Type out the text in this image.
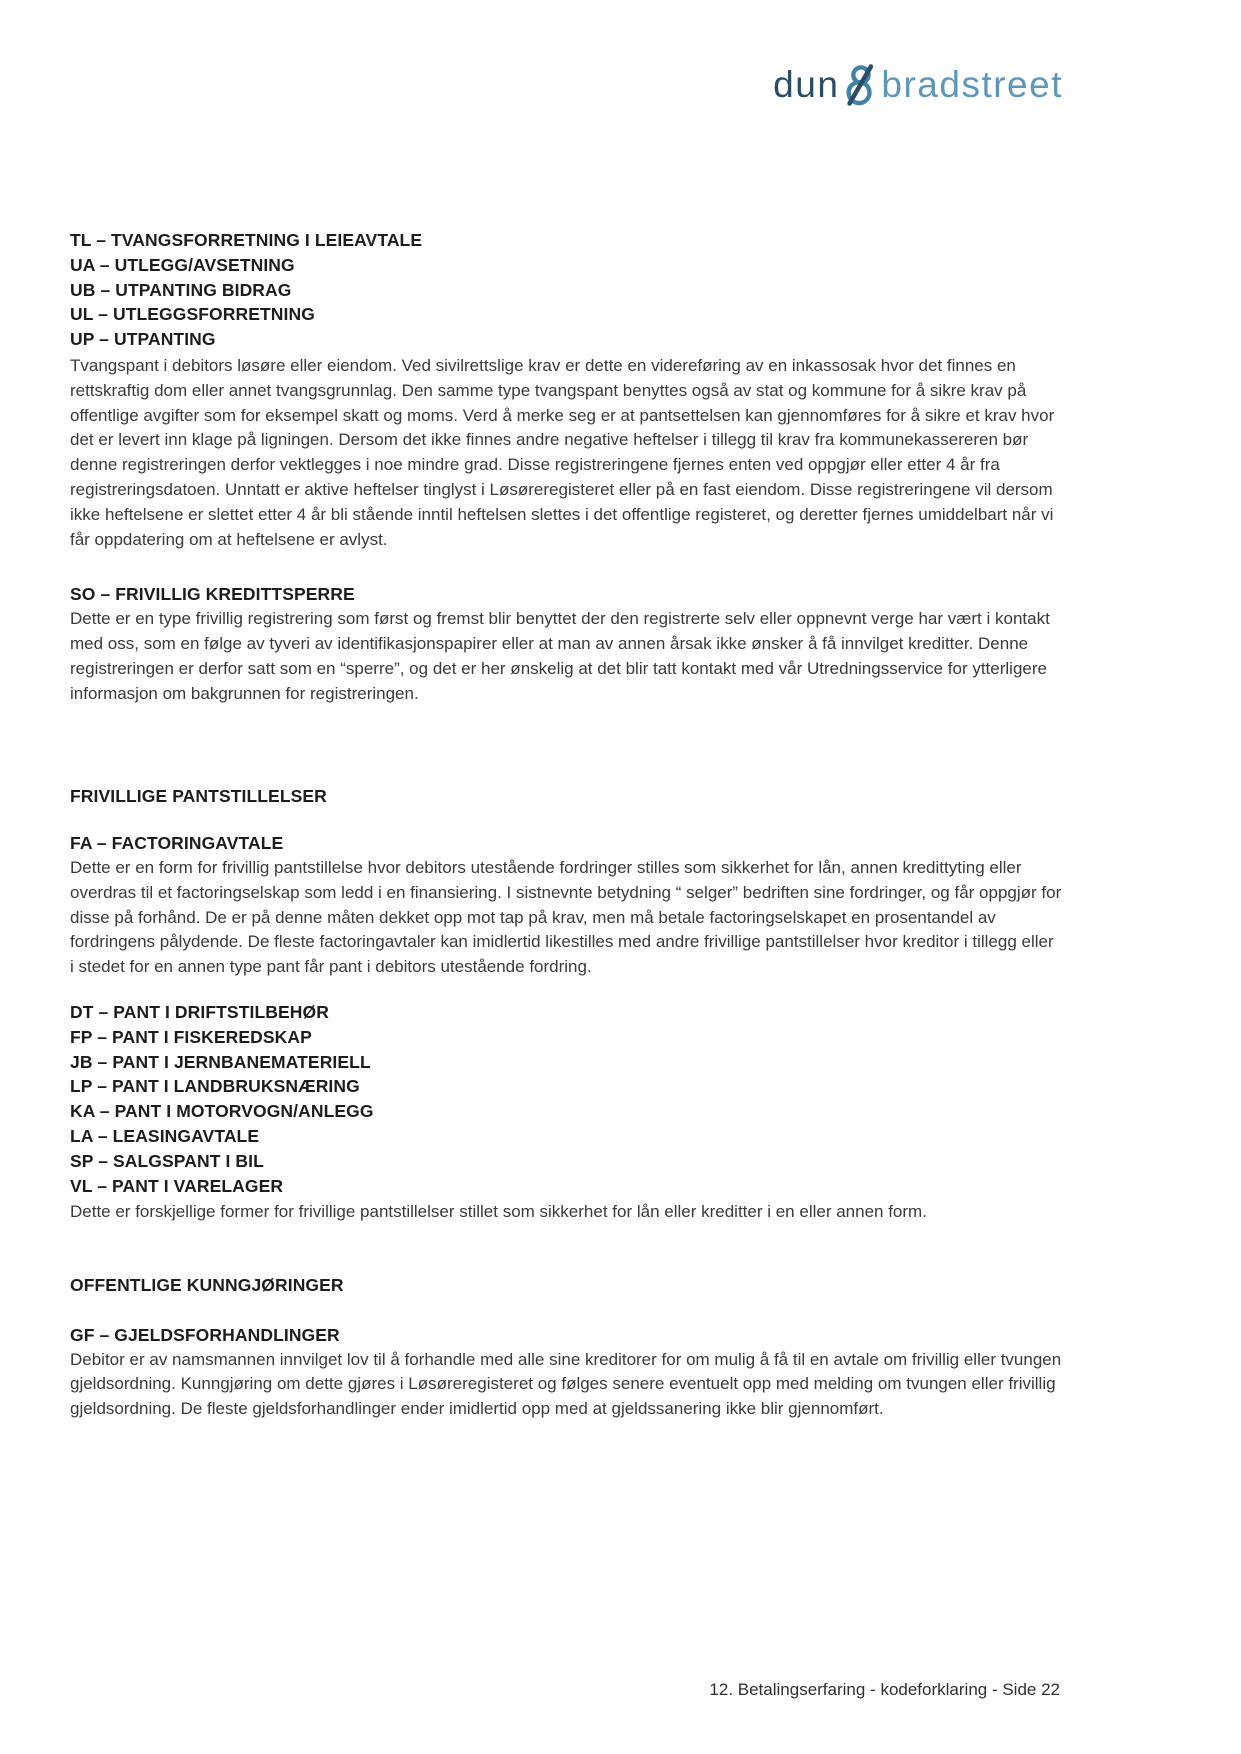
dun bradstreet
TL – TVANGSFORRETNING I LEIEAVTALE
UA – UTLEGG/AVSETNING
UB – UTPANTING BIDRAG
UL – UTLEGGSFORRETNING
UP – UTPANTING

Tvangspant i debitors løsøre eller eiendom. Ved sivilrettslige krav er dette en videreføring av en inkassosak hvor det finnes en rettskraftig dom eller annet tvangsgrunnlag. Den samme type tvangspant benyttes også av stat og kommune for å sikre krav på offentlige avgifter som for eksempel skatt og moms. Verd å merke seg er at pantsettelsen kan gjennomføres for å sikre et krav hvor det er levert inn klage på ligningen. Dersom det ikke finnes andre negative heftelser i tillegg til krav fra kommunekassereren bør denne registreringen derfor vektlegges i noe mindre grad. Disse registreringene fjernes enten ved oppgjør eller etter 4 år fra registreringsdatoen. Unntatt er aktive heftelser tinglyst i Løsøreregisteret eller på en fast eiendom. Disse registreringene vil dersom ikke heftelsene er slettet etter 4 år bli stående inntil heftelsen slettes i det offentlige registeret, og deretter fjernes umiddelbart når vi får oppdatering om at heftelsene er avlyst.

SO – FRIVILLIG KREDITTSPERRE

Dette er en type frivillig registrering som først og fremst blir benyttet der den registrerte selv eller oppnevnt verge har vært i kontakt med oss, som en følge av tyveri av identifikasjonspapirer eller at man av annen årsak ikke ønsker å få innvilget kreditter. Denne registreringen er derfor satt som en “sperre”, og det er her ønskelig at det blir tatt kontakt med vår Utredningsservice for ytterligere informasjon om bakgrunnen for registreringen.

FRIVILLIGE PANTSTILLELSER
FA – FACTORINGAVTALE

Dette er en form for frivillig pantstillelse hvor debitors utestående fordringer stilles som sikkerhet for lån, annen kredittyting eller overdras til et factoringselskap som ledd i en finansiering. I sistnevnte betydning “ selger” bedriften sine fordringer, og får oppgjør for disse på forhånd. De er på denne måten dekket opp mot tap på krav, men må betale factoringselskapet en prosentandel av fordringens pålydende. De fleste factoringavtaler kan imidlertid likestilles med andre frivillige pantstillelser hvor kreditor i tillegg eller i stedet for en annen type pant får pant i debitors utestående fordring.

DT – PANT I DRIFTSTILBEHØR
FP – PANT I FISKEREDSKAP
JB – PANT I JERNBANEMATERIELL
LP – PANT I LANDBRUKSNÆRING
KA – PANT I MOTORVOGN/ANLEGG
LA – LEASINGAVTALE
SP – SALGSPANT I BIL
VL – PANT I VARELAGER

Dette er forskjellige former for frivillige pantstillelser stillet som sikkerhet for lån eller kreditter i en eller annen form.

OFFENTLIGE KUNNGJØRINGER
GF – GJELDSFORHANDLINGER

Debitor er av namsmannen innvilget lov til å forhandle med alle sine kreditorer for om mulig å få til en avtale om frivillig eller tvungen gjeldsordning. Kunngjøring om dette gjøres i Løsøreregisteret og følges senere eventuelt opp med melding om tvungen eller frivillig gjeldsordning. De fleste gjeldsforhandlinger ender imidlertid opp med at gjeldssanering ikke blir gjennomført.

12. Betalingserfaring - kodeforklaring - Side 22
